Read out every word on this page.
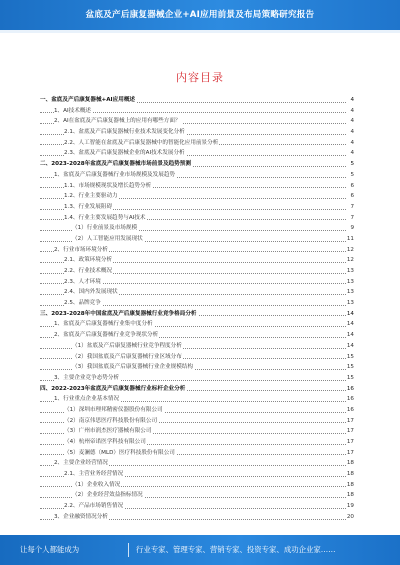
盆底及产后康复器械企业+AI应用前景及布局策略研究报告
内容目录
一、盆底及产后康复器械+AI应用概述	4
1、AI技术概述	4
2、AI在盆底及产后康复器械上的应用有哪些方面？	4
2.1、盆底及产后康复器械行业技术发展变化分析	4
2.2、人工智能在盆底及产后康复器械中的智能化应用前景分析	4
2.3、盆底及产后康复器械企业的AI技术发展分析	4
二、2023-2028年盆底及产后康复器械市场前景及趋势预测	5
1、盆底及产后康复器械行业市场规模及发展趋势	5
1.1、市场规模现状及增长趋势分析	6
1.2、行业主要驱动力	6
1.3、行业发展阻碍	7
1.4、行业主要发展趋势与AI技术	7
（1）行业前景及市场规模	9
（2）人工智能应用发展现状	11
2、行业市场环境分析	12
2.1、政策环境分析	12
2.2、行业技术概况	13
2.3、人才环境	13
2.4、国内外发展现状	13
2.5、品牌竞争	13
三、2023-2028年中国盆底及产后康复器械行业竞争格局分析	14
1、盆底及产后康复器械行业集中度分析	14
2、盆底及产后康复器械行业竞争现状分析	14
（1）盆底及产后康复器械行业竞争程度分析	14
（2）我国盆底及产后康复器械行业区域分布	15
（3）我国盆底及产后康复器械行业企业规模结构	15
3、主要企业竞争态势分析	15
四、2022-2023年盆底及产后康复器械行业标杆企业分析	16
1、行业重点企业基本情况	16
（1）深圳市理邦精密仪器股份有限公司	16
（2）南京伟思医疗科技股份有限公司	17
（3）广州市润杰医疗器械有限公司	17
（4）杭州帝诺医学科技有限公司	17
（5）麦澜德（MLD）医疗科技股份有限公司	17
2、主要企业经营情况	18
2.1、主营业务经营情况	18
（1）企业收入情况	18
（2）企业经营效益指标情况	18
2.2、产品市场销售情况	19
3、企业融资情况分析	20
让每个人都能成为	行业专家、管理专家、营销专家、投资专家、成功企业家……
